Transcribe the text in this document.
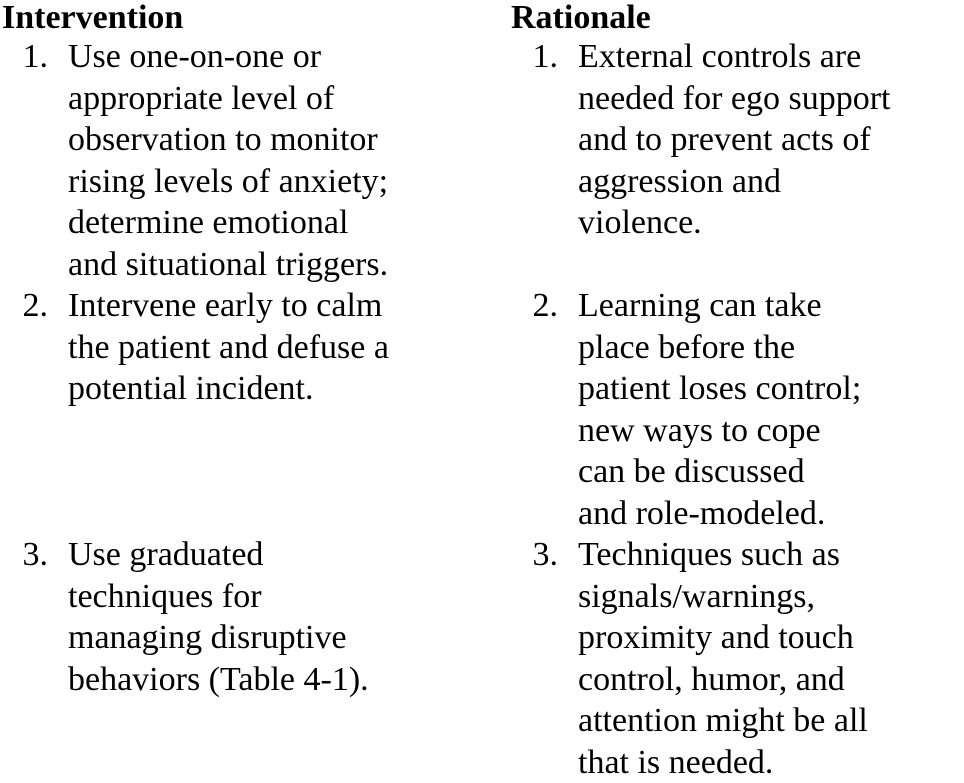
Intervention	Rationale
1. Use one-on-one or
appropriate level of
observation to monitor
rising levels of anxiety;
determine emotional
and situational triggers.
1. External controls are
needed for ego support
and to prevent acts of
aggression and
violence.
2. Intervene early to calm
the patient and defuse a
potential incident.
2. Learning can take
place before the
patient loses control;
new ways to cope
can be discussed
and role-modeled.
3. Use graduated
techniques for
managing disruptive
behaviors (Table 4-1).
3. Techniques such as
signals/warnings,
proximity and touch
control, humor, and
attention might be all
that is needed.
